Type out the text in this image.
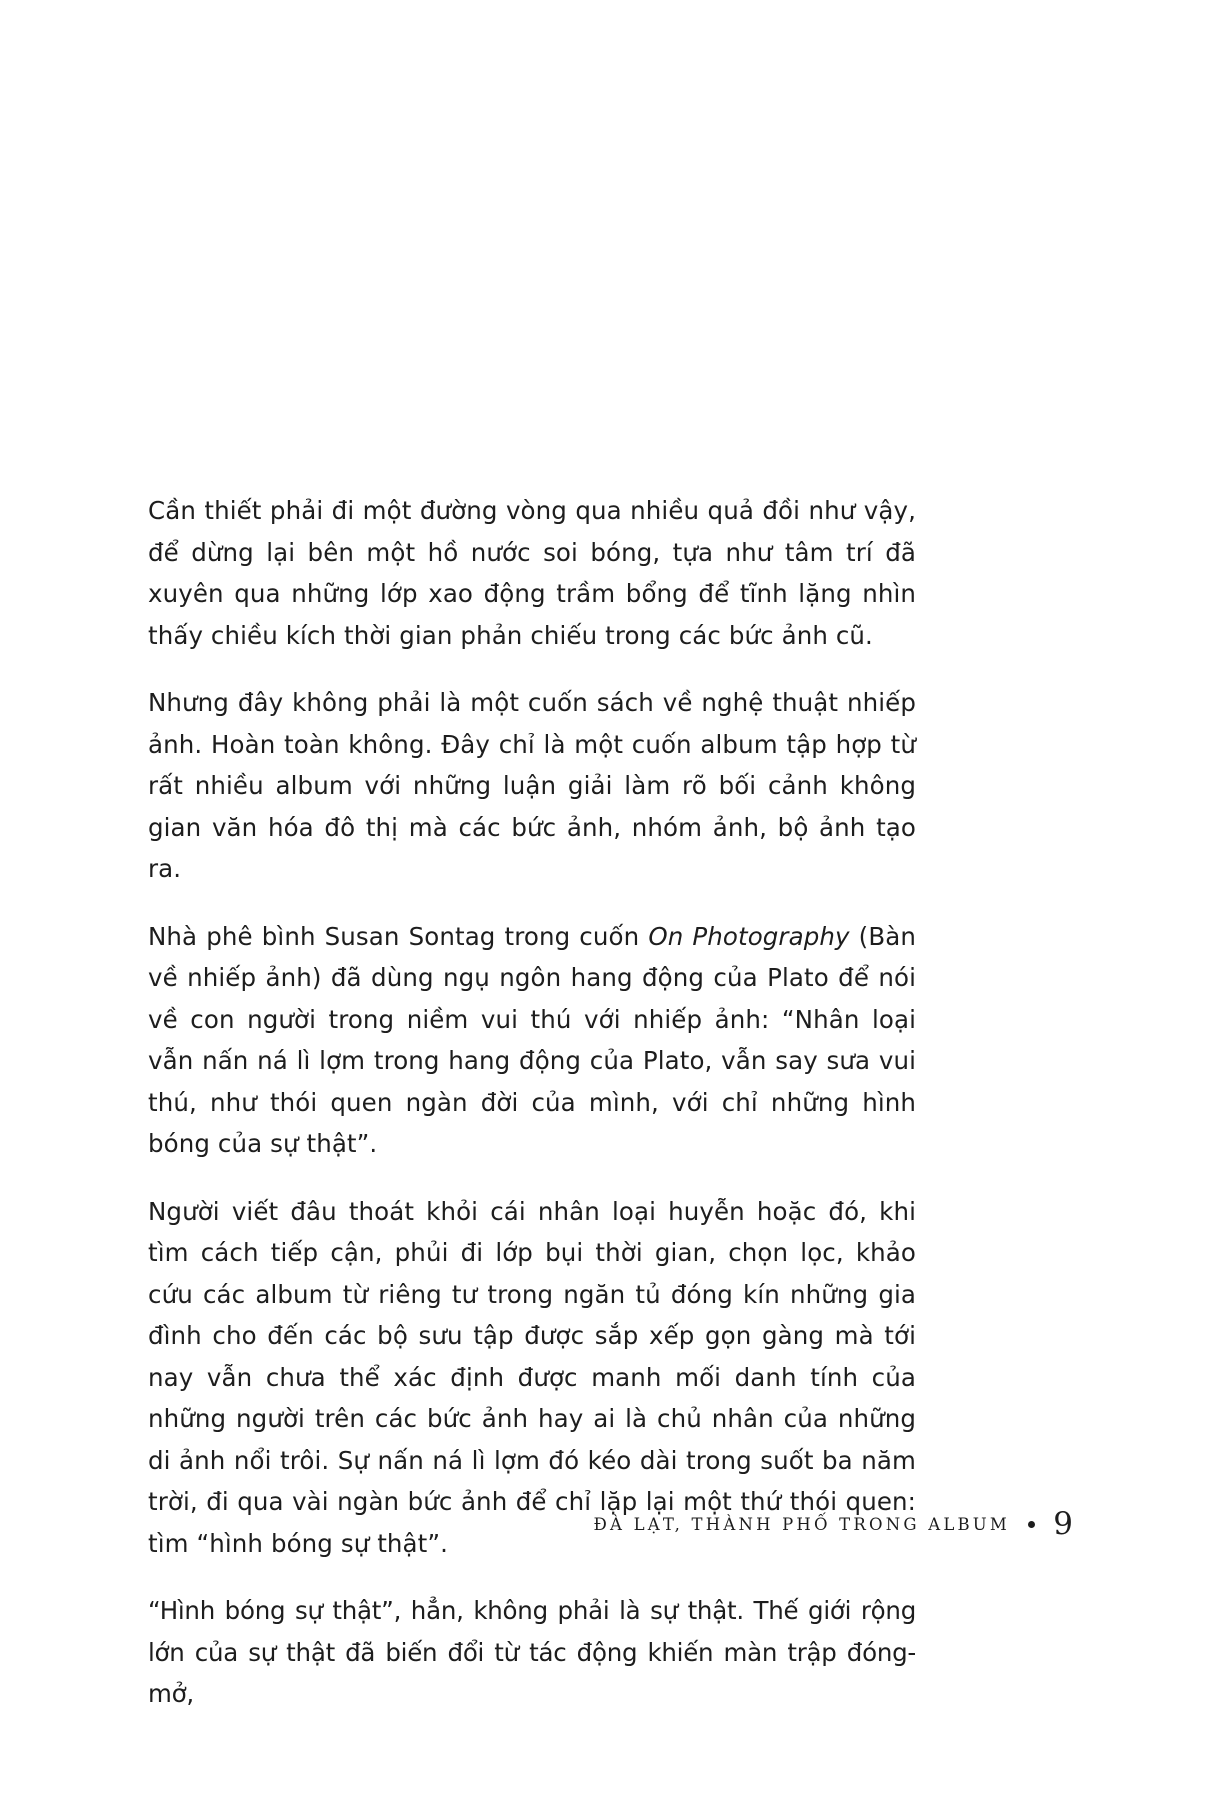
Cần thiết phải đi một đường vòng qua nhiều quả đồi như vậy, để dừng lại bên một hồ nước soi bóng, tựa như tâm trí đã xuyên qua những lớp xao động trầm bổng để tĩnh lặng nhìn thấy chiều kích thời gian phản chiếu trong các bức ảnh cũ.

Nhưng đây không phải là một cuốn sách về nghệ thuật nhiếp ảnh. Hoàn toàn không. Đây chỉ là một cuốn album tập hợp từ rất nhiều album với những luận giải làm rõ bối cảnh không gian văn hóa đô thị mà các bức ảnh, nhóm ảnh, bộ ảnh tạo ra.

Nhà phê bình Susan Sontag trong cuốn On Photography (Bàn về nhiếp ảnh) đã dùng ngụ ngôn hang động của Plato để nói về con người trong niềm vui thú với nhiếp ảnh: “Nhân loại vẫn nấn ná lì lợm trong hang động của Plato, vẫn say sưa vui thú, như thói quen ngàn đời của mình, với chỉ những hình bóng của sự thật”.

Người viết đâu thoát khỏi cái nhân loại huyễn hoặc đó, khi tìm cách tiếp cận, phủi đi lớp bụi thời gian, chọn lọc, khảo cứu các album từ riêng tư trong ngăn tủ đóng kín những gia đình cho đến các bộ sưu tập được sắp xếp gọn gàng mà tới nay vẫn chưa thể xác định được manh mối danh tính của những người trên các bức ảnh hay ai là chủ nhân của những di ảnh nổi trôi. Sự nấn ná lì lợm đó kéo dài trong suốt ba năm trời, đi qua vài ngàn bức ảnh để chỉ lặp lại một thứ thói quen: tìm “hình bóng sự thật”.

“Hình bóng sự thật”, hẳn, không phải là sự thật. Thế giới rộng lớn của sự thật đã biến đổi từ tác động khiến màn trập đóng-mở,

ĐÀ LẠT, THÀNH PHỐ TRONG ALBUM 9
